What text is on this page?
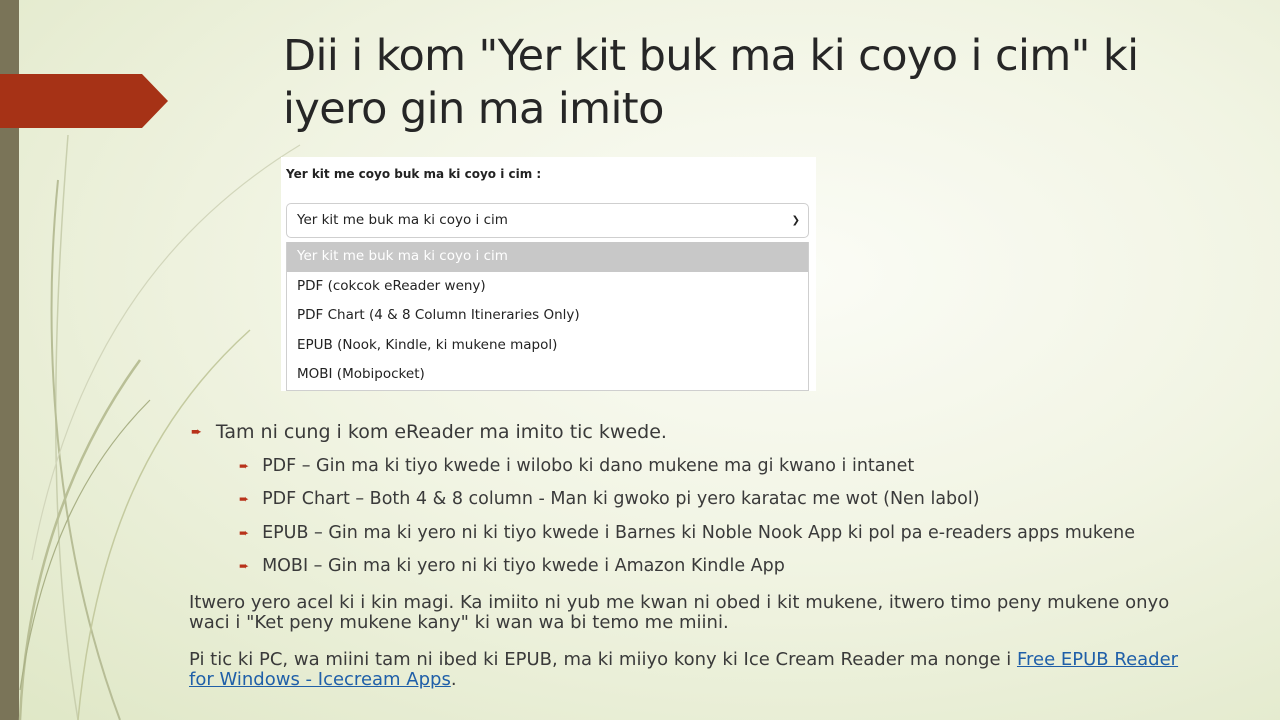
Dii i kom "Yer kit buk ma ki coyo i cim" ki iyero gin ma imito
Yer kit me coyo buk ma ki coyo i cim :
Yer kit me buk ma ki coyo i cim	❯
Yer kit me buk ma ki coyo i cim
PDF (cokcok eReader weny)
PDF Chart (4 & 8 Column Itineraries Only)
EPUB (Nook, Kindle, ki mukene mapol)
MOBI (Mobipocket)
➨ Tam ni cung i kom eReader ma imito tic kwede.
➨ PDF – Gin ma ki tiyo kwede i wilobo ki dano mukene ma gi kwano i intanet
➨ PDF Chart – Both 4 & 8 column - Man ki gwoko pi yero karatac me wot (Nen labol)
➨ EPUB – Gin ma ki yero ni ki tiyo kwede i Barnes ki Noble Nook App ki pol pa e-readers apps mukene
➨ MOBI – Gin ma ki yero ni ki tiyo kwede i Amazon Kindle App

Itwero yero acel ki i kin magi. Ka imiito ni yub me kwan ni obed i kit mukene, itwero timo peny mukene onyo waci i "Ket peny mukene kany" ki wan wa bi temo me miini.

Pi tic ki PC, wa miini tam ni ibed ki EPUB, ma ki miiyo kony ki Ice Cream Reader ma nonge i Free EPUB Reader for Windows - Icecream Apps.
